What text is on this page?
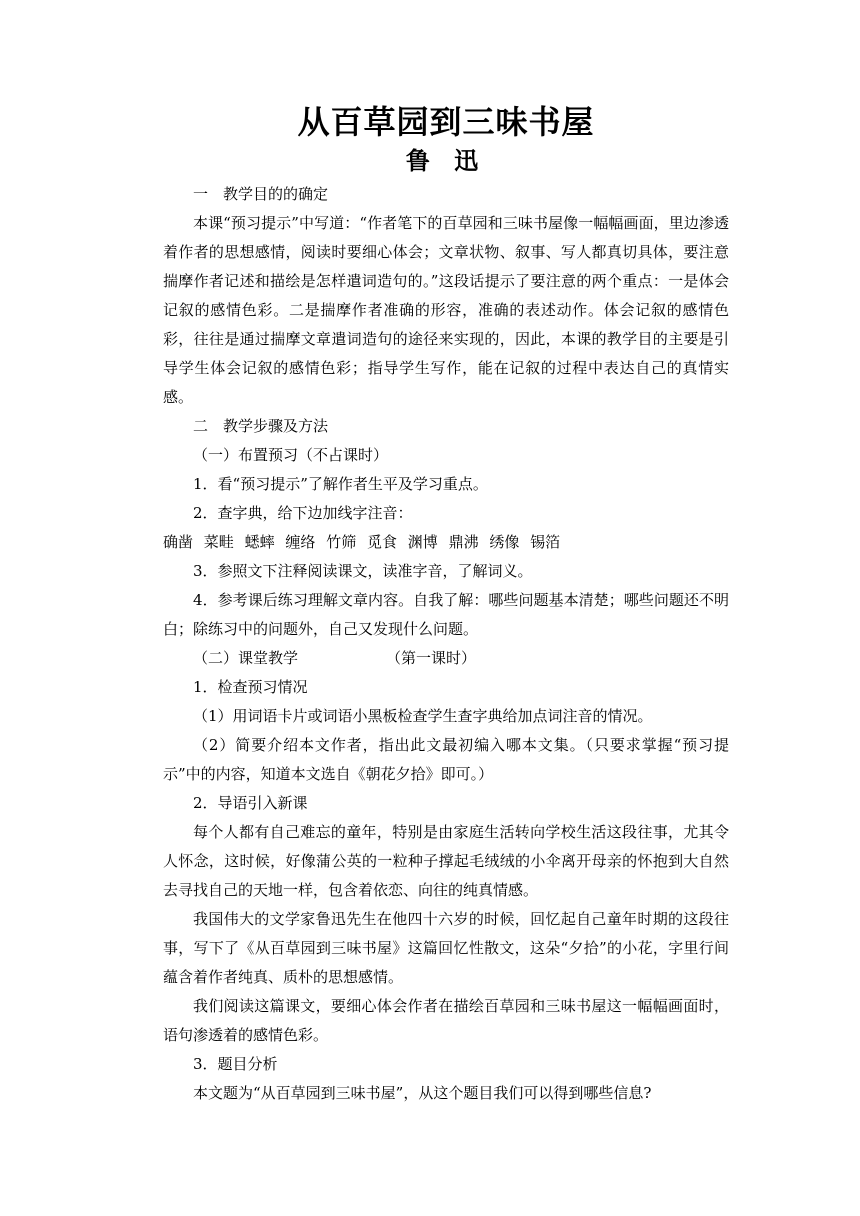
从百草园到三味书屋
鲁 迅

一　教学目的的确定

本课“预习提示”中写道：“作者笔下的百草园和三味书屋像一幅幅画面，里边渗透着作者的思想感情，阅读时要细心体会；文章状物、叙事、写人都真切具体，要注意揣摩作者记述和描绘是怎样遣词造句的。”这段话提示了要注意的两个重点：一是体会记叙的感情色彩。二是揣摩作者准确的形容，准确的表述动作。体会记叙的感情色彩，往往是通过揣摩文章遣词造句的途径来实现的，因此，本课的教学目的主要是引导学生体会记叙的感情色彩；指导学生写作，能在记叙的过程中表达自己的真情实感。

二　教学步骤及方法

（一）布置预习（不占课时）

1．看“预习提示”了解作者生平及学习重点。

2．查字典，给下边加线字注音：

确凿 菜畦 蟋蟀 缠络 竹筛 觅食 渊博 鼎沸 绣像 锡箔

3．参照文下注释阅读课文，读准字音，了解词义。

4．参考课后练习理解文章内容。自我了解：哪些问题基本清楚；哪些问题还不明白；除练习中的问题外，自己又发现什么问题。

（二）课堂教学	（第一课时）

1．检查预习情况

（1）用词语卡片或词语小黑板检查学生查字典给加点词注音的情况。

（2）简要介绍本文作者，指出此文最初编入哪本文集。（只要求掌握“预习提示”中的内容，知道本文选自《朝花夕拾》即可。）

2．导语引入新课

每个人都有自己难忘的童年，特别是由家庭生活转向学校生活这段往事，尤其令人怀念，这时候，好像蒲公英的一粒种子撑起毛绒绒的小伞离开母亲的怀抱到大自然去寻找自己的天地一样，包含着依恋、向往的纯真情感。

我国伟大的文学家鲁迅先生在他四十六岁的时候，回忆起自己童年时期的这段往事，写下了《从百草园到三味书屋》这篇回忆性散文，这朵“夕拾”的小花，字里行间蕴含着作者纯真、质朴的思想感情。

我们阅读这篇课文，要细心体会作者在描绘百草园和三味书屋这一幅幅画面时，语句渗透着的感情色彩。

3．题目分析

本文题为“从百草园到三味书屋”，从这个题目我们可以得到哪些信息?
